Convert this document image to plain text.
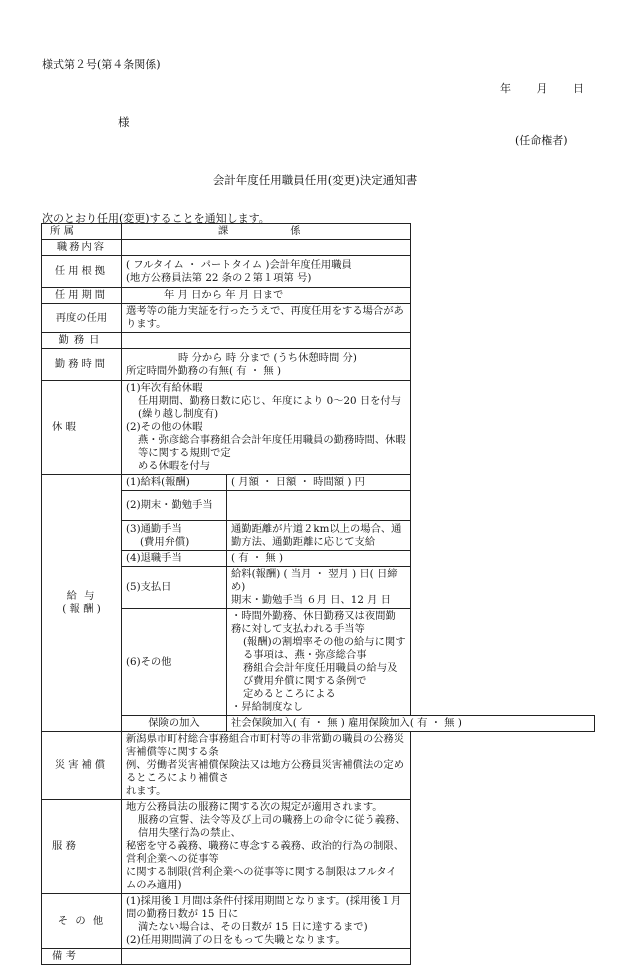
様式第２号(第４条関係)
年 月 日
様
(任命権者)
会計年度任用職員任用(変更)決定通知書
次のとおり任用(変更)することを通知します。
所 属	課 係	

職務内容		

任用根拠	( フルタイム ・ パートタイム )会計年度任用職員
(地方公務員法第 22 条の２第１項第 号)	

任用期間	年 月 日から 年 月 日まで	

再度の任用	選考等の能力実証を行ったうえで、再度任用をする場合があります。	

勤務日		

勤務時間	時 分から 時 分まで (うち休憩時間 分)
所定時間外勤務の有無( 有 ・ 無 )	

休 暇	(1)年次有給休暇
任用期間、勤務日数に応じ、年度により 0～20 日を付与(繰り越し制度有)
(2)その他の休暇
燕・弥彦総合事務組合会計年度任用職員の勤務時間、休暇等に関する規則で定
める休暇を付与	

給 与
( 報 酬 )	(1)給料(報酬)	( 月額 ・ 日額 ・ 時間額 ) 円
	(2)期末・勤勉手当	

	(3)通勤手当
(費用弁償)	通勤距離が片道２km以上の場合、通勤方法、通勤距離に応じて支給
	(4)退職手当	( 有 ・ 無 )
	(5)支払日	給料(報酬) ( 当月 ・ 翌月 ) 日( 日締め)
期末・勤勉手当 ６月 日、12 月 日

	(6)その他	・時間外勤務、休日勤務又は夜間勤務に対して支払われる手当等
(報酬)の割増率その他の給与に関する事項は、燕・弥彦総合事
務組合会計年度任用職員の給与及び費用弁償に関する条例で
定めるところによる
・昇給制度なし

	保険の加入	社会保険加入( 有 ・ 無 ) 雇用保険加入( 有 ・ 無 )

災害補償	新潟県市町村総合事務組合市町村等の非常勤の職員の公務災害補償等に関する条
例、労働者災害補償保険法又は地方公務員災害補償法の定めるところにより補償さ
れます。	

服 務	地方公務員法の服務に関する次の規定が適用されます。
服務の宣誓、法令等及び上司の職務上の命令に従う義務、信用失墜行為の禁止、
秘密を守る義務、職務に専念する義務、政治的行為の制限、営利企業への従事等
に関する制限(営利企業への従事等に関する制限はフルタイムのみ適用)	

そ の 他	(1)採用後１月間は条件付採用期間となります。(採用後１月間の勤務日数が 15 日に
満たない場合は、その日数が 15 日に達するまで)
(2)任用期間満了の日をもって失職となります。	

備 考		
